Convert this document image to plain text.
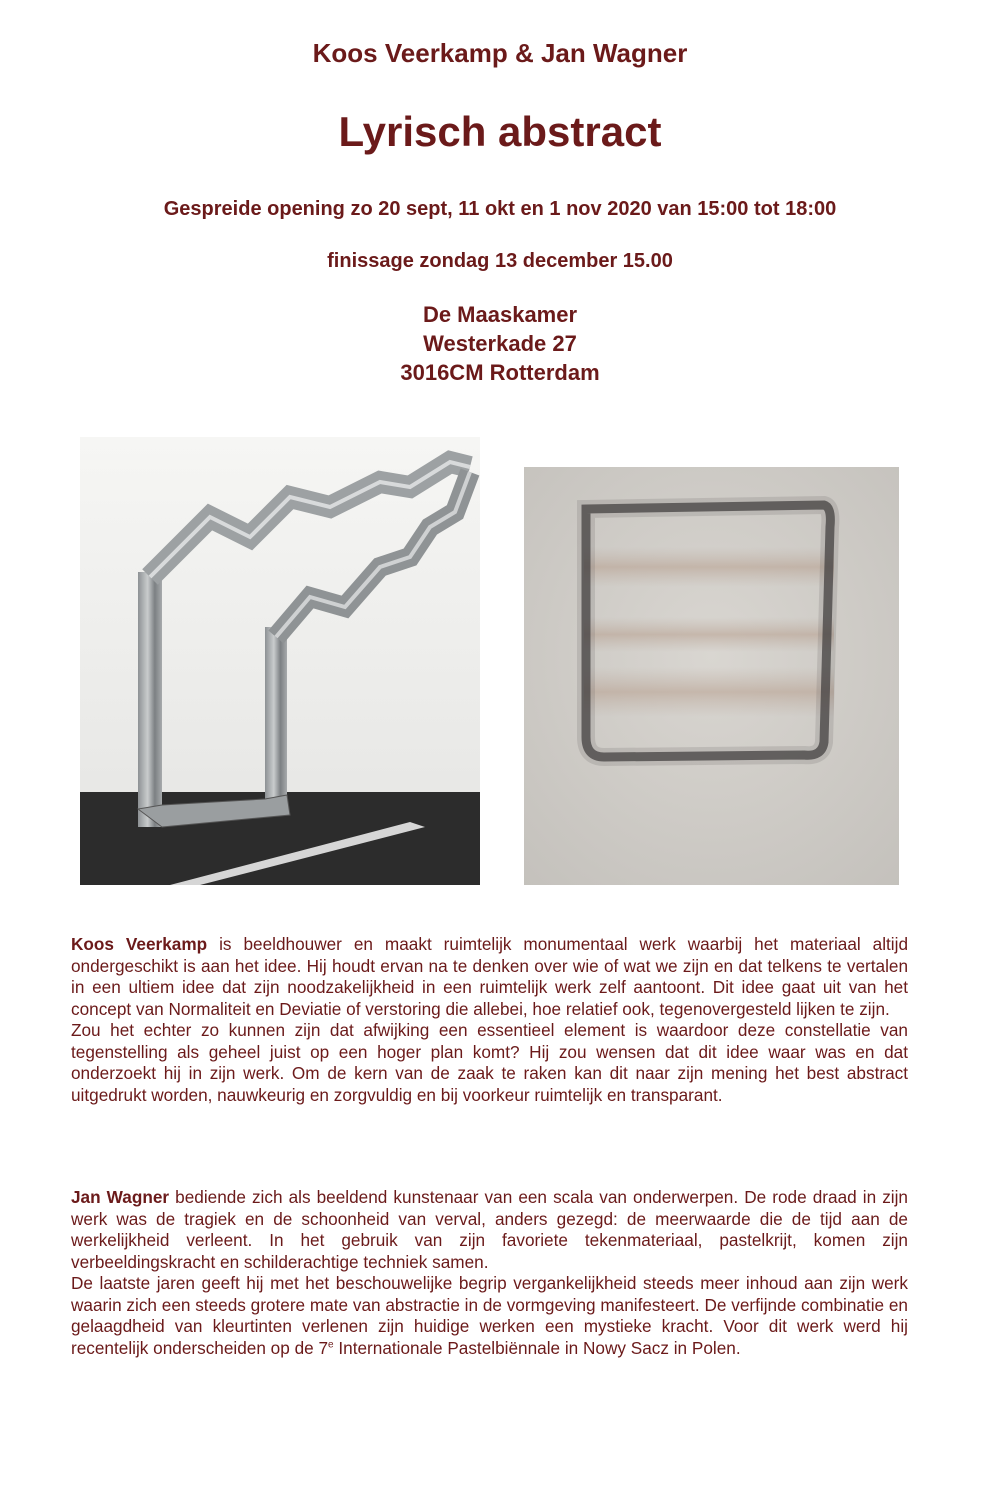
Koos Veerkamp & Jan Wagner
Lyrisch abstract
Gespreide opening zo 20 sept, 11 okt en 1 nov 2020 van 15:00 tot 18:00
finissage zondag 13 december 15.00
De Maaskamer
Westerkade 27
3016CM Rotterdam

Koos Veerkamp is beeldhouwer en maakt ruimtelijk monumentaal werk waarbij het materiaal altijd ondergeschikt is aan het idee. Hij houdt ervan na te denken over wie of wat we zijn en dat telkens te vertalen in een ultiem idee dat zijn noodzakelijkheid in een ruimtelijk werk zelf aantoont. Dit idee gaat uit van het concept van Normaliteit en Deviatie of verstoring die allebei, hoe relatief ook, tegenovergesteld lijken te zijn.

Zou het echter zo kunnen zijn dat afwijking een essentieel element is waardoor deze constellatie van tegenstelling als geheel juist op een hoger plan komt? Hij zou wensen dat dit idee waar was en dat onderzoekt hij in zijn werk. Om de kern van de zaak te raken kan dit naar zijn mening het best abstract uitgedrukt worden, nauwkeurig en zorgvuldig en bij voorkeur ruimtelijk en transparant.

Jan Wagner bediende zich als beeldend kunstenaar van een scala van onderwerpen. De rode draad in zijn werk was de tragiek en de schoonheid van verval, anders gezegd: de meerwaarde die de tijd aan de werkelijkheid verleent. In het gebruik van zijn favoriete tekenmateriaal, pastelkrijt, komen zijn verbeeldingskracht en schilderachtige techniek samen.

De laatste jaren geeft hij met het beschouwelijke begrip vergankelijkheid steeds meer inhoud aan zijn werk waarin zich een steeds grotere mate van abstractie in de vormgeving manifesteert. De verfijnde combinatie en gelaagdheid van kleurtinten verlenen zijn huidige werken een mystieke kracht. Voor dit werk werd hij recentelijk onderscheiden op de 7e Internationale Pastelbiënnale in Nowy Sacz in Polen.
